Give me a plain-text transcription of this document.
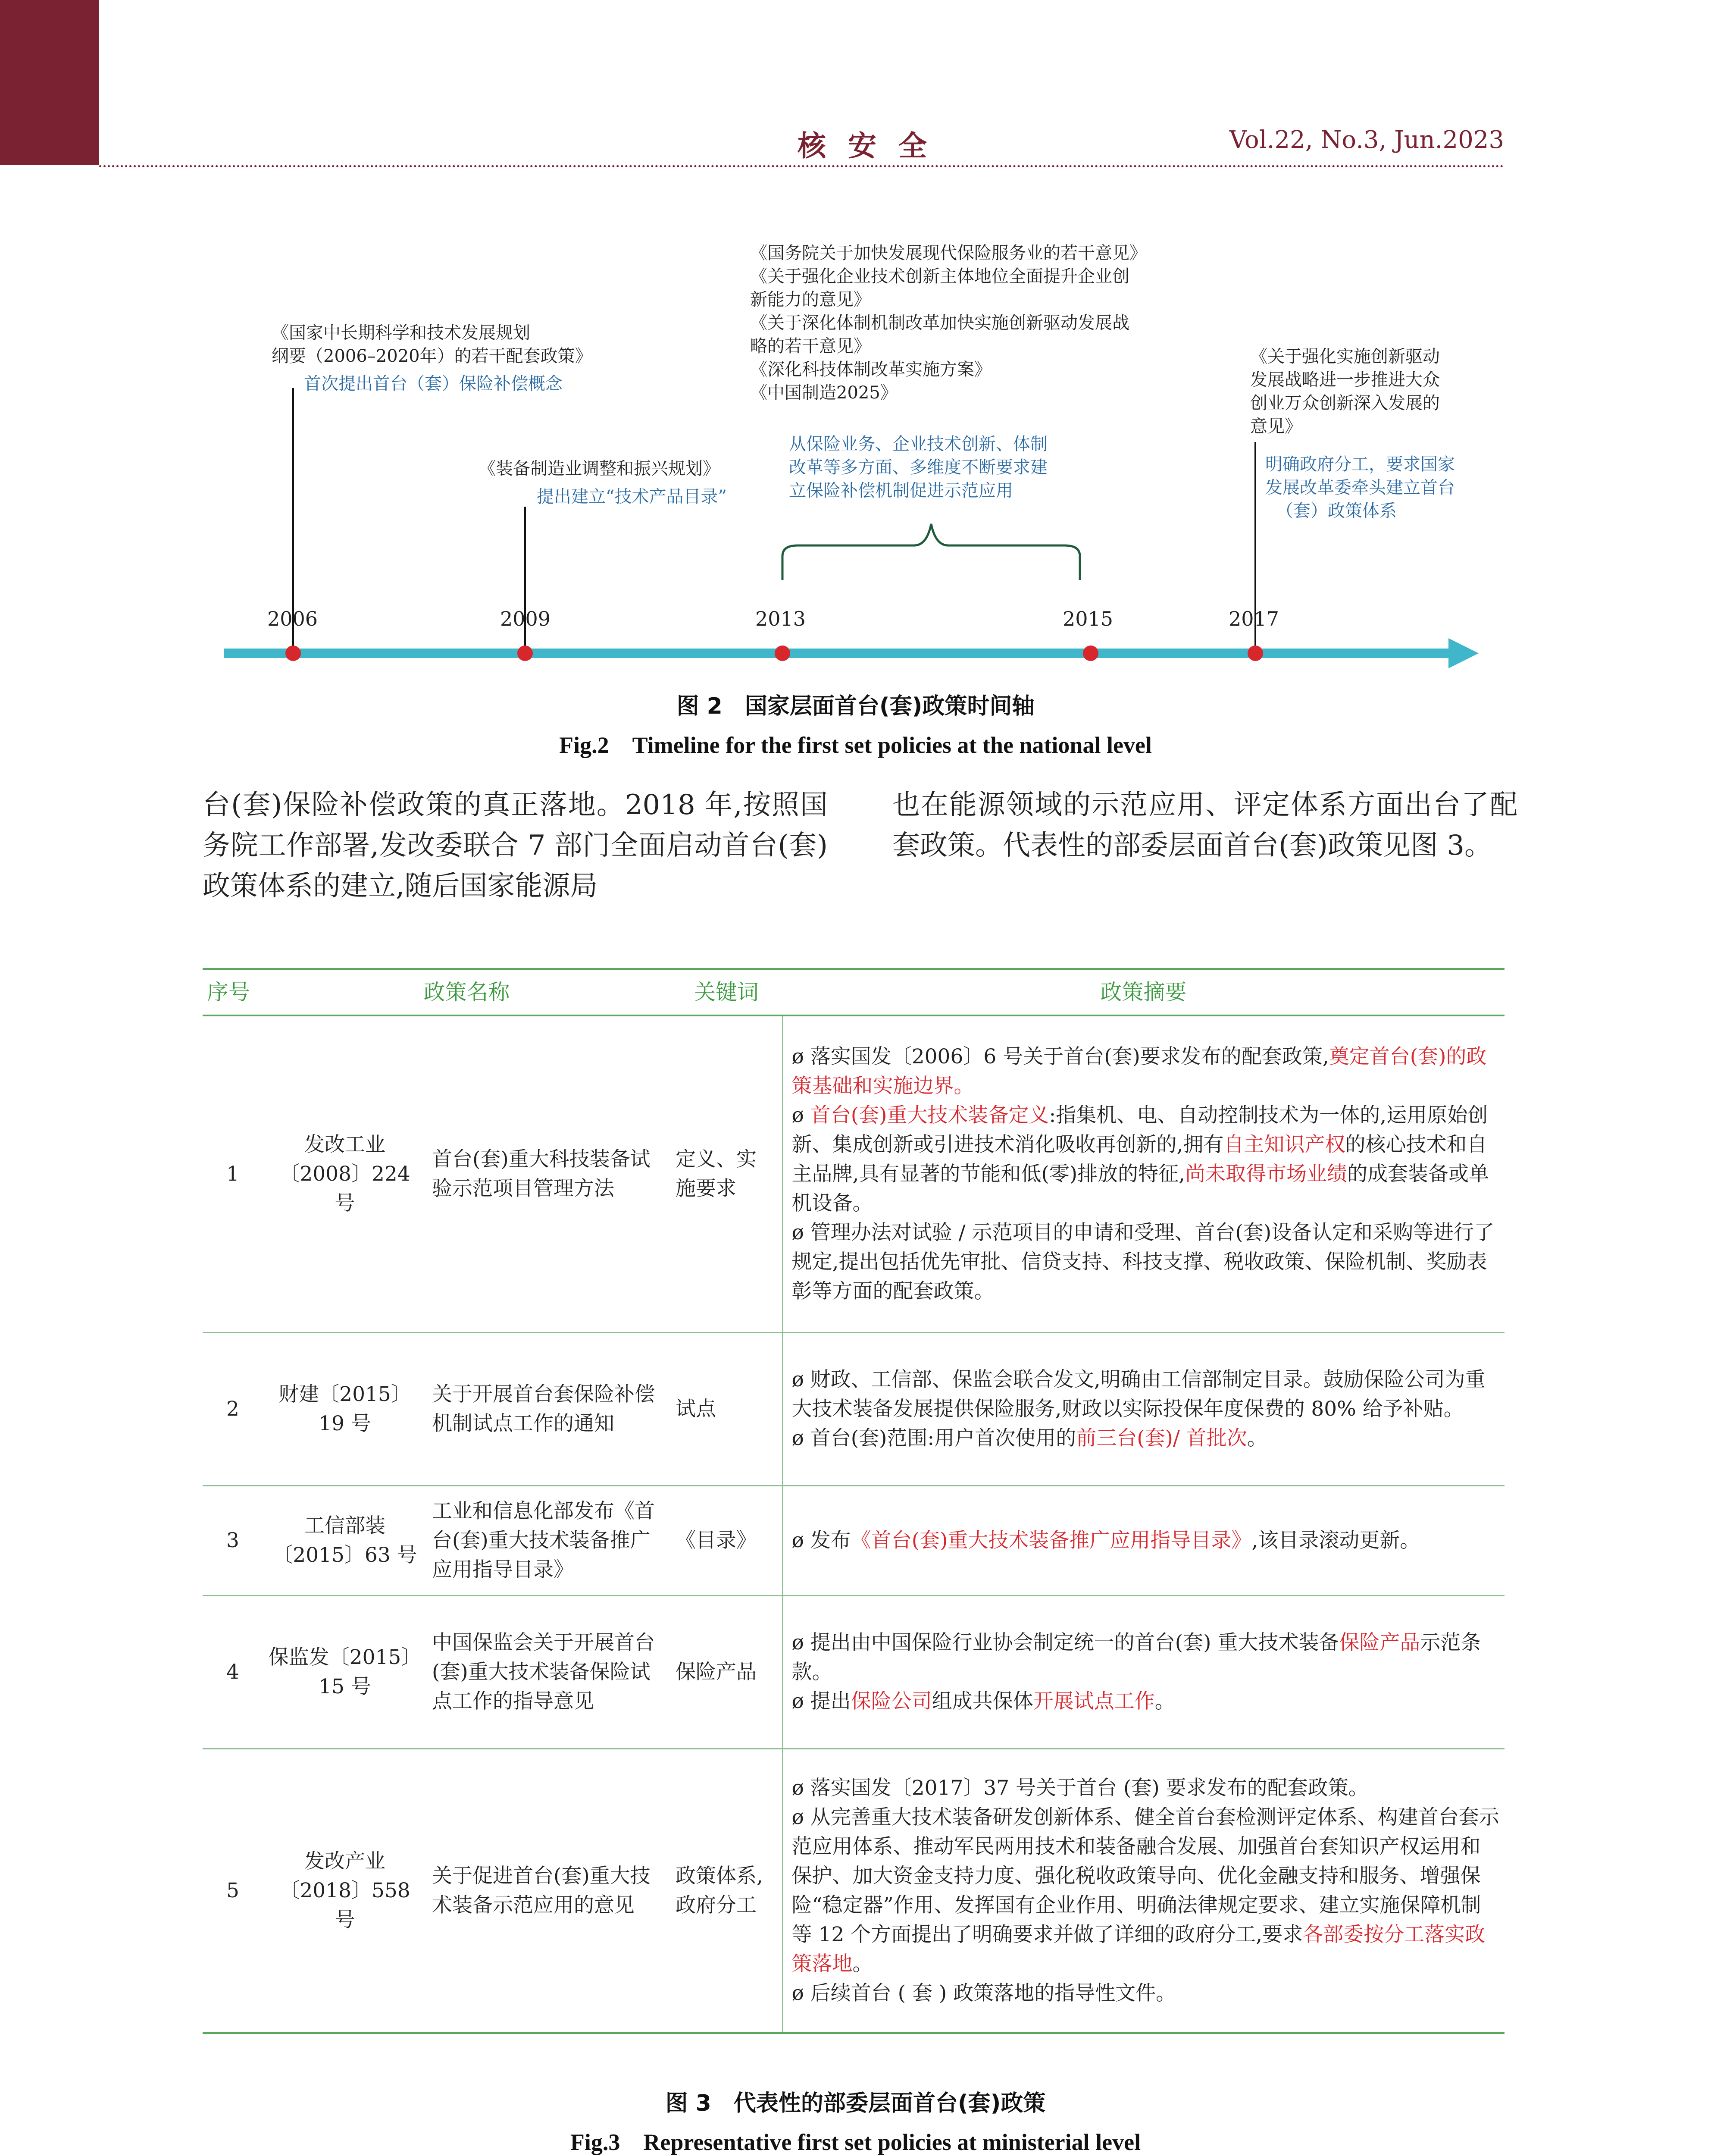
核 安 全	Vol.22, No.3, Jun.2023
2006	2009	2013	2015	2017
《国家中长期科学和技术发展规划
纲要（2006–2020年）的若干配套政策》
首次提出首台（套）保险补偿概念
《装备制造业调整和振兴规划》
提出建立“技术产品目录”
《国务院关于加快发展现代保险服务业的若干意见》
《关于强化企业技术创新主体地位全面提升企业创
新能力的意见》
《关于深化体制机制改革加快实施创新驱动发展战
略的若干意见》
《深化科技体制改革实施方案》
《中国制造2025》
从保险业务、企业技术创新、体制
改革等多方面、多维度不断要求建
立保险补偿机制促进示范应用
《关于强化实施创新驱动
发展战略进一步推进大众
创业万众创新深入发展的
意见》
明确政府分工，要求国家
发展改革委牵头建立首台
（套）政策体系
图 2　国家层面首台(套)政策时间轴
Fig.2　Timeline for the first set policies at the national level
台(套)保险补偿政策的真正落地。2018 年,按照国务院工作部署,发改委联合 7 部门全面启动首台(套)政策体系的建立,随后国家能源局
也在能源领域的示范应用、评定体系方面出台了配套政策。代表性的部委层面首台(套)政策见图 3。
序号	政策名称		关键词	政策摘要
1	发改工业〔2008〕224 号	首台(套)重大科技装备试验示范项目管理方法	定义、实施要求	ø 落实国发〔2006〕6 号关于首台(套)要求发布的配套政策,奠定首台(套)的政策基础和实施边界。
ø 首台(套)重大技术装备定义:指集机、电、自动控制技术为一体的,运用原始创新、集成创新或引进技术消化吸收再创新的,拥有自主知识产权的核心技术和自主品牌,具有显著的节能和低(零)排放的特征,尚未取得市场业绩的成套装备或单机设备。
ø 管理办法对试验 / 示范项目的申请和受理、首台(套)设备认定和采购等进行了规定,提出包括优先审批、信贷支持、科技支撑、税收政策、保险机制、奖励表彰等方面的配套政策。

2	财建〔2015〕19 号	关于开展首台套保险补偿机制试点工作的通知	试点	ø 财政、工信部、保监会联合发文,明确由工信部制定目录。鼓励保险公司为重大技术装备发展提供保险服务,财政以实际投保年度保费的 80% 给予补贴。
ø 首台(套)范围:用户首次使用的前三台(套)/ 首批次。

3	工信部装〔2015〕63 号	工业和信息化部发布《首台(套)重大技术装备推广应用指导目录》	《目录》	ø 发布《首台(套)重大技术装备推广应用指导目录》,该目录滚动更新。

4	保监发〔2015〕15 号	中国保监会关于开展首台(套)重大技术装备保险试点工作的指导意见	保险产品	ø 提出由中国保险行业协会制定统一的首台(套) 重大技术装备保险产品示范条款。
ø 提出保险公司组成共保体开展试点工作。

5	发改产业〔2018〕558 号	关于促进首台(套)重大技术装备示范应用的意见	政策体系,政府分工	ø 落实国发〔2017〕37 号关于首台 (套) 要求发布的配套政策。
ø 从完善重大技术装备研发创新体系、健全首台套检测评定体系、构建首台套示范应用体系、推动军民两用技术和装备融合发展、加强首台套知识产权运用和保护、加大资金支持力度、强化税收政策导向、优化金融支持和服务、增强保险“稳定器”作用、发挥国有企业作用、明确法律规定要求、建立实施保障机制等 12 个方面提出了明确要求并做了详细的政府分工,要求各部委按分工落实政策落地。
ø 后续首台 ( 套 ) 政策落地的指导性文件。
图 3　代表性的部委层面首台(套)政策
Fig.3　Representative first set policies at ministerial level
